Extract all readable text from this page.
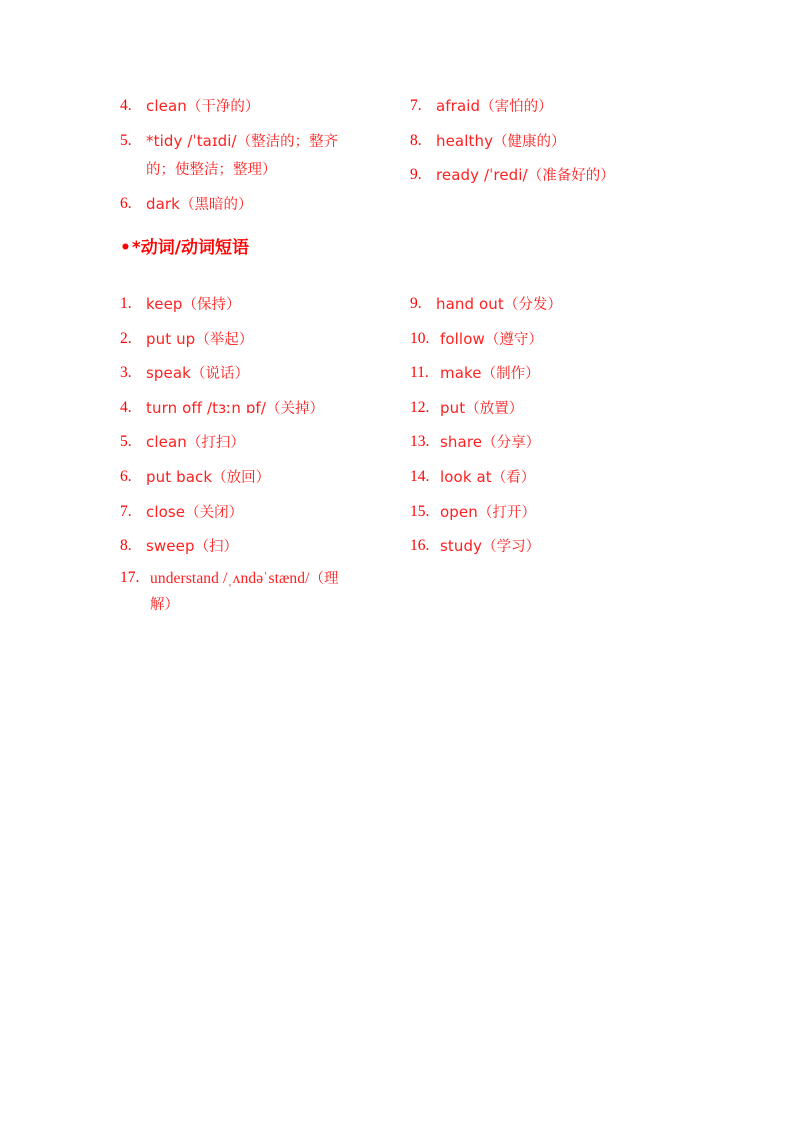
4. clean（干净的）
5. *tidy /ˈtaɪdi/（整洁的；整齐
的；使整洁；整理）
6. dark（黑暗的）
• *动词/动词短语
7. afraid（害怕的）
8. healthy（健康的）
9. ready /ˈredi/（准备好的）
1. keep（保持）
2. put up（举起）
3. speak（说话）
4. turn off /tɜːn ɒf/（关掉）
5. clean（打扫）
6. put back（放回）
7. close（关闭）
8. sweep（扫）
17. understand /ˌʌndəˈstænd/（理
解）
9. hand out（分发）
10. follow（遵守）
11. make（制作）
12. put（放置）
13. share（分享）
14. look at（看）
15. open（打开）
16. study（学习）
